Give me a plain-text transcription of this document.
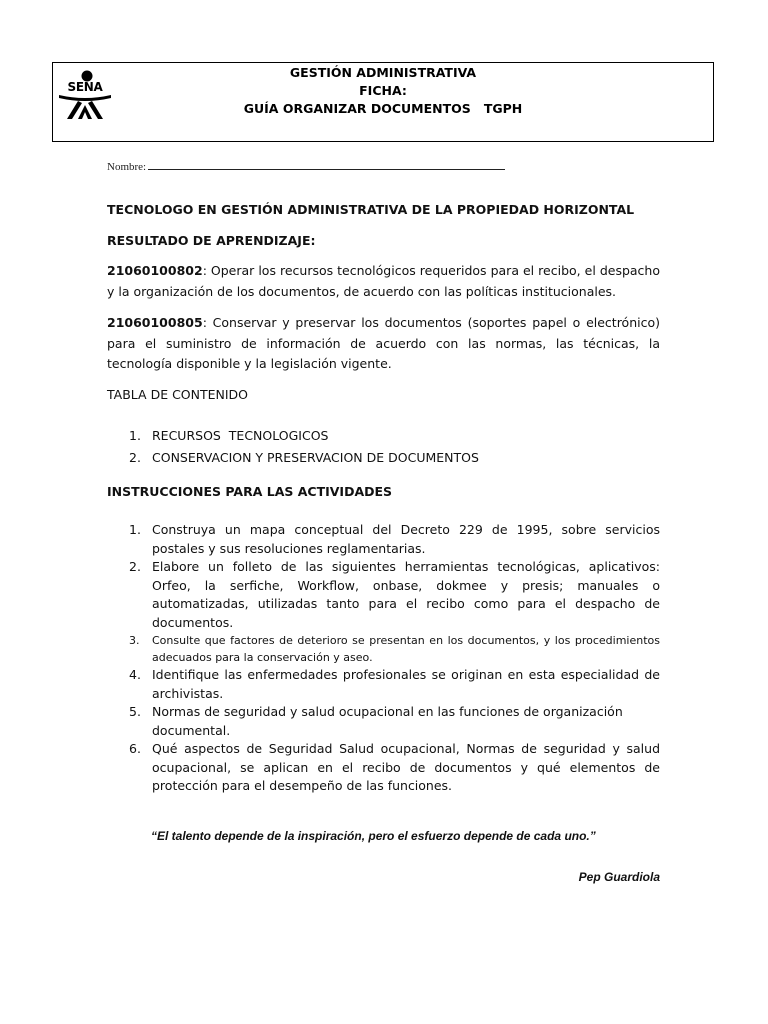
SENA
GESTIÓN ADMINISTRATIVA
FICHA:
GUÍA ORGANIZAR DOCUMENTOS   TGPH
Nombre:
TECNOLOGO EN GESTIÓN ADMINISTRATIVA DE LA PROPIEDAD HORIZONTAL
RESULTADO DE APRENDIZAJE:
21060100802: Operar los recursos tecnológicos requeridos para el recibo, el despacho y la organización de los documentos, de acuerdo con las políticas institucionales.
21060100805: Conservar y preservar los documentos (soportes papel o electrónico) para el suministro de información de acuerdo con las normas, las técnicas, la tecnología disponible y la legislación vigente.
TABLA DE CONTENIDO
1. RECURSOS  TECNOLOGICOS
2. CONSERVACION Y PRESERVACION DE DOCUMENTOS
INSTRUCCIONES PARA LAS ACTIVIDADES
1. Construya un mapa conceptual del Decreto 229 de 1995, sobre servicios postales y sus resoluciones reglamentarias.
2. Elabore un folleto de las siguientes herramientas tecnológicas, aplicativos: Orfeo, la serfiche, Workflow, onbase, dokmee y presis; manuales o automatizadas, utilizadas tanto para el recibo como para el despacho de documentos.
3.	Consulte que factores de deterioro se presentan en los documentos, y los procedimientos adecuados para la conservación y aseo.
4. Identifique las enfermedades profesionales se originan en esta especialidad de archivistas.
5. Normas de seguridad y salud ocupacional en las funciones de organización documental.
6. Qué aspectos de Seguridad Salud ocupacional, Normas de seguridad y salud ocupacional, se aplican en el recibo de documentos y qué elementos de protección para el desempeño de las funciones.
“El talento depende de la inspiración, pero el esfuerzo depende de cada uno.”
Pep Guardiola
